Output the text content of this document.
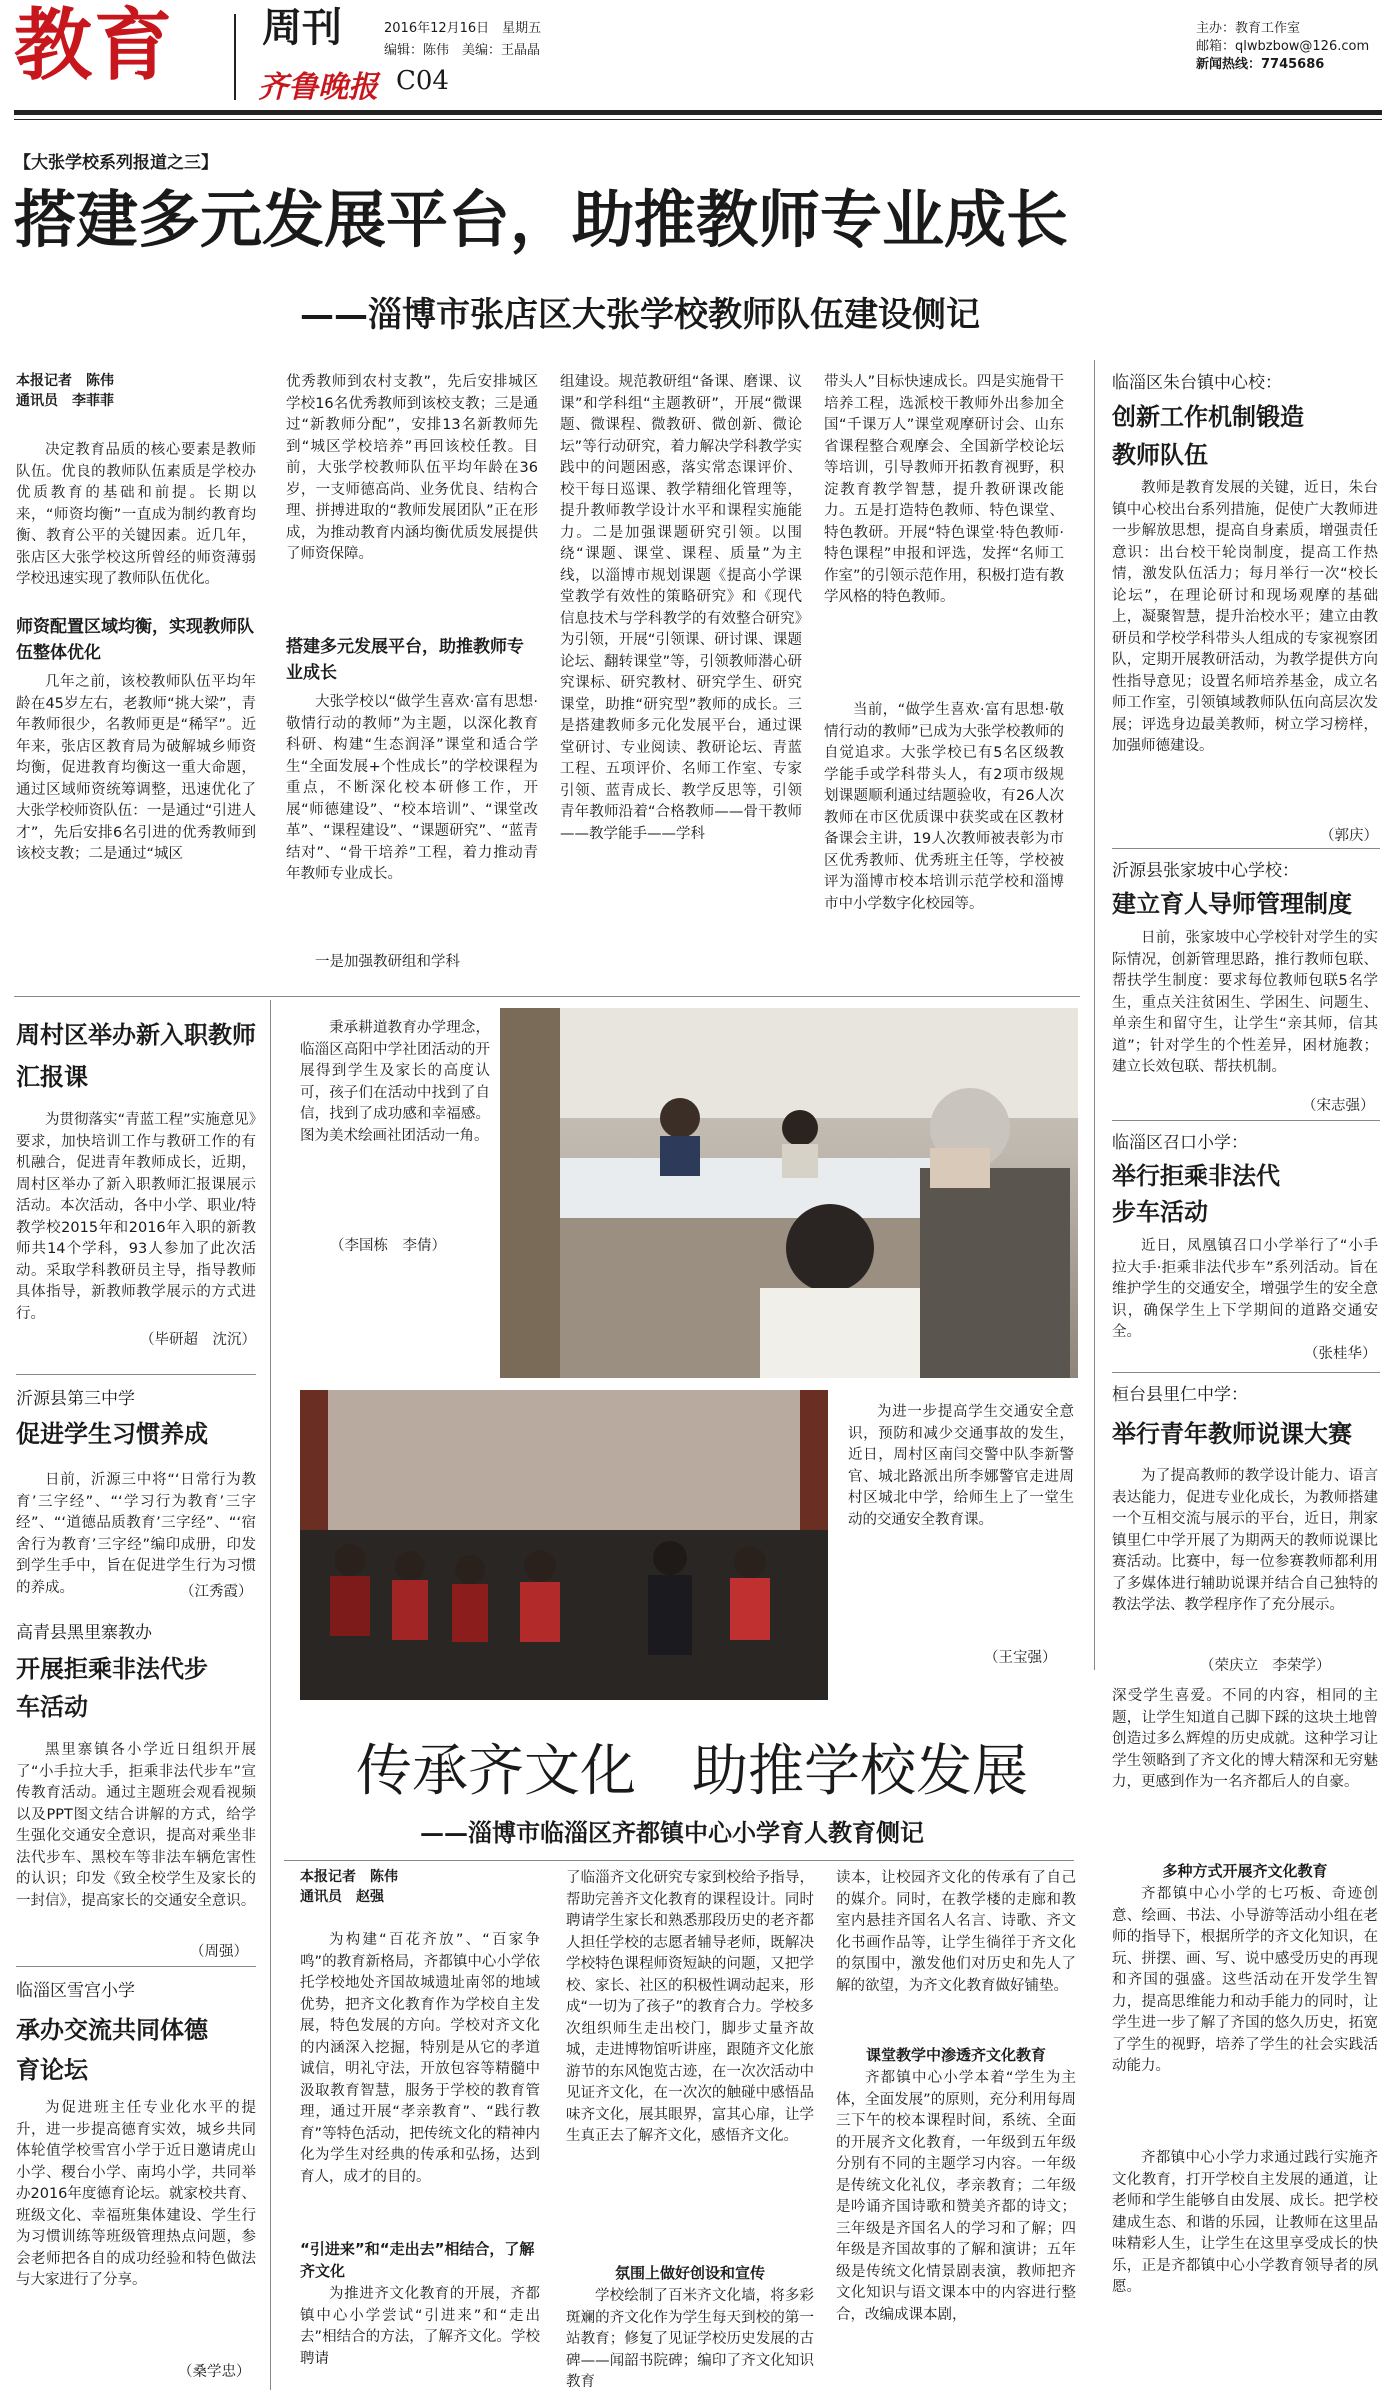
教育 周刊	2016年12月16日　星期五
编辑：陈伟　美编：王晶晶
齐鲁晚报 C04
主办：教育工作室
邮箱：qlwbzbow@126.com
新闻热线：7745686
【大张学校系列报道之三】
搭建多元发展平台，助推教师专业成长
——淄博市张店区大张学校教师队伍建设侧记
本报记者　陈伟
通讯员　李菲菲
决定教育品质的核心要素是教师队伍。优良的教师队伍素质是学校办优质教育的基础和前提。长期以来，“师资均衡”一直成为制约教育均衡、教育公平的关键因素。近几年，张店区大张学校这所曾经的师资薄弱学校迅速实现了教师队伍优化。
师资配置区域均衡，实现教师队伍整体优化
几年之前，该校教师队伍平均年龄在45岁左右，老教师“挑大梁”，青年教师很少，名教师更是“稀罕”。近年来，张店区教育局为破解城乡师资均衡，促进教育均衡这一重大命题，通过区域师资统筹调整，迅速优化了大张学校师资队伍：一是通过“引进人才”，先后安排6名引进的优秀教师到该校支教；二是通过“城区
优秀教师到农村支教”，先后安排城区学校16名优秀教师到该校支教；三是通过“新教师分配”，安排13名新教师先到“城区学校培养”再回该校任教。目前，大张学校教师队伍平均年龄在36岁，一支师德高尚、业务优良、结构合理、拼搏进取的“教师发展团队”正在形成，为推动教育内涵均衡优质发展提供了师资保障。
搭建多元发展平台，助推教师专业成长
大张学校以“做学生喜欢·富有思想·敬情行动的教师”为主题，以深化教育科研、构建“生态润泽”课堂和适合学生“全面发展+个性成长”的学校课程为重点，不断深化校本研修工作，开展“师德建设”、“校本培训”、“课堂改革”、“课程建设”、“课题研究”、“蓝青结对”、“骨干培养”工程，着力推动青年教师专业成长。
一是加强教研组和学科
组建设。规范教研组“备课、磨课、议课”和学科组“主题教研”，开展“微课题、微课程、微教研、微创新、微论坛”等行动研究，着力解决学科教学实践中的问题困惑，落实常态课评价、校干每日巡课、教学精细化管理等，提升教师教学设计水平和课程实施能力。二是加强课题研究引领。以围绕“课题、课堂、课程、质量”为主线，以淄博市规划课题《提高小学课堂教学有效性的策略研究》和《现代信息技术与学科教学的有效整合研究》为引领，开展“引领课、研讨课、课题论坛、翻转课堂”等，引领教师潜心研究课标、研究教材、研究学生、研究课堂，助推“研究型”教师的成长。三是搭建教师多元化发展平台，通过课堂研讨、专业阅读、教研论坛、青蓝工程、五项评价、名师工作室、专家引领、蓝青成长、教学反思等，引领青年教师沿着“合格教师——骨干教师——教学能手——学科
带头人”目标快速成长。四是实施骨干培养工程，选派校干教师外出参加全国“千课万人”课堂观摩研讨会、山东省课程整合观摩会、全国新学校论坛等培训，引导教师开拓教育视野，积淀教育教学智慧，提升教研课改能力。五是打造特色教师、特色课堂、特色教研。开展“特色课堂·特色教师·特色课程”申报和评选，发挥“名师工作室”的引领示范作用，积极打造有教学风格的特色教师。
当前，“做学生喜欢·富有思想·敬情行动的教师”已成为大张学校教师的自觉追求。大张学校已有5名区级教学能手或学科带头人，有2项市级规划课题顺利通过结题验收，有26人次教师在市区优质课中获奖或在区教材备课会主讲，19人次教师被表彰为市区优秀教师、优秀班主任等，学校被评为淄博市校本培训示范学校和淄博市中小学数字化校园等。
临淄区朱台镇中心校：
创新工作机制锻造教师队伍
教师是教育发展的关键，近日，朱台镇中心校出台系列措施，促使广大教师进一步解放思想，提高自身素质，增强责任意识：出台校干轮岗制度，提高工作热情，激发队伍活力；每月举行一次“校长论坛”，在理论研讨和现场观摩的基础上，凝聚智慧，提升治校水平；建立由教研员和学校学科带头人组成的专家视察团队，定期开展教研活动，为教学提供方向性指导意见；设置名师培养基金，成立名师工作室，引领镇域教师队伍向高层次发展；评选身边最美教师，树立学习榜样，加强师德建设。
（郭庆）
沂源县张家坡中心学校：
建立育人导师管理制度
日前，张家坡中心学校针对学生的实际情况，创新管理思路，推行教师包联、帮扶学生制度：要求每位教师包联5名学生，重点关注贫困生、学困生、问题生、单亲生和留守生，让学生“亲其师，信其道”；针对学生的个性差异，困材施教；建立长效包联、帮扶机制。
（宋志强）
临淄区召口小学：
举行拒乘非法代步车活动
近日，凤凰镇召口小学举行了“小手拉大手·拒乘非法代步车”系列活动。旨在维护学生的交通安全，增强学生的安全意识，确保学生上下学期间的道路交通安全。
（张桂华）
桓台县里仁中学：
举行青年教师说课大赛
为了提高教师的教学设计能力、语言表达能力，促进专业化成长，为教师搭建一个互相交流与展示的平台，近日，荆家镇里仁中学开展了为期两天的教师说课比赛活动。比赛中，每一位参赛教师都利用了多媒体进行辅助说课并结合自己独特的教法学法、教学程序作了充分展示。
（荣庆立　李荣学）
周村区举办新入职教师汇报课
为贯彻落实“青蓝工程”实施意见》要求，加快培训工作与教研工作的有机融合，促进青年教师成长，近期，周村区举办了新入职教师汇报课展示活动。本次活动，各中小学、职业/特教学校2015年和2016年入职的新教师共14个学科，93人参加了此次活动。采取学科教研员主导，指导教师具体指导，新教师教学展示的方式进行。
（毕研超　沈沉）
沂源县第三中学
促进学生习惯养成
日前，沂源三中将“‘日常行为教育’三字经”、“‘学习行为教育’三字经”、“‘道德品质教育’三字经”、“‘宿舍行为教育’三字经”编印成册，印发到学生手中，旨在促进学生行为习惯的养成。	（江秀霞）
高青县黑里寨教办
开展拒乘非法代步车活动
黑里寨镇各小学近日组织开展了“小手拉大手，拒乘非法代步车”宣传教育活动。通过主题班会观看视频以及PPT图文结合讲解的方式，给学生强化交通安全意识，提高对乘坐非法代步车、黑校车等非法车辆危害性的认识；印发《致全校学生及家长的一封信》，提高家长的交通安全意识。
（周强）
临淄区雪宫小学
承办交流共同体德育论坛
为促进班主任专业化水平的提升，进一步提高德育实效，城乡共同体轮值学校雪宫小学于近日邀请虎山小学、稷台小学、南坞小学，共同举办2016年度德育论坛。就家校共育、班级文化、幸福班集体建设、学生行为习惯训练等班级管理热点问题，参会老师把各自的成功经验和特色做法与大家进行了分享。
（桑学忠）
秉承耕道教育办学理念，临淄区高阳中学社团活动的开展得到学生及家长的高度认可，孩子们在活动中找到了自信，找到了成功感和幸福感。图为美术绘画社团活动一角。
（李国栋　李倩）
为进一步提高学生交通安全意识，预防和减少交通事故的发生，近日，周村区南闫交警中队李新警官、城北路派出所李娜警官走进周村区城北中学，给师生上了一堂生动的交通安全教育课。
（王宝强）
传承齐文化　助推学校发展
——淄博市临淄区齐都镇中心小学育人教育侧记
本报记者　陈伟
通讯员　赵强
为构建“百花齐放”、“百家争鸣”的教育新格局，齐都镇中心小学依托学校地处齐国故城遗址南邻的地域优势，把齐文化教育作为学校自主发展，特色发展的方向。学校对齐文化的内涵深入挖掘，特别是从它的孝道诚信，明礼守法，开放包容等精髓中汲取教育智慧，服务于学校的教育管理，通过开展“孝亲教育”、“践行教育”等特色活动，把传统文化的精神内化为学生对经典的传承和弘扬，达到育人，成才的目的。
“引进来”和“走出去”相结合，了解齐文化
为推进齐文化教育的开展，齐都镇中心小学尝试“引进来”和“走出去”相结合的方法，了解齐文化。学校聘请
了临淄齐文化研究专家到校给予指导，帮助完善齐文化教育的课程设计。同时聘请学生家长和熟悉那段历史的老齐都人担任学校的志愿者辅导老师，既解决学校特色课程师资短缺的问题，又把学校、家长、社区的积极性调动起来，形成“一切为了孩子”的教育合力。学校多次组织师生走出校门，脚步丈量齐故城，走进博物馆听讲座，跟随齐文化旅游节的东风饱览古迹，在一次次活动中见证齐文化，在一次次的触碰中感悟品味齐文化，展其眼界，富其心扉，让学生真正去了解齐文化，感悟齐文化。
氛围上做好创设和宣传
学校绘制了百米齐文化墙，将多彩斑斓的齐文化作为学生每天到校的第一站教育；修复了见证学校历史发展的古碑——闻韶书院碑；编印了齐文化知识教育
读本，让校园齐文化的传承有了自己的媒介。同时，在教学楼的走廊和教室内悬挂齐国名人名言、诗歌、齐文化书画作品等，让学生徜徉于齐文化的氛围中，激发他们对历史和先人了解的欲望，为齐文化教育做好铺垫。
课堂教学中渗透齐文化教育
齐都镇中心小学本着“学生为主体，全面发展”的原则，充分利用每周三下午的校本课程时间，系统、全面的开展齐文化教育，一年级到五年级分别有不同的主题学习内容。一年级是传统文化礼仪，孝亲教育；二年级是吟诵齐国诗歌和赞美齐都的诗文；三年级是齐国名人的学习和了解；四年级是齐国故事的了解和演讲；五年级是传统文化情景剧表演，教师把齐文化知识与语文课本中的内容进行整合，改编成课本剧，
深受学生喜爱。不同的内容，相同的主题，让学生知道自己脚下踩的这块土地曾创造过多么辉煌的历史成就。这种学习让学生领略到了齐文化的博大精深和无穷魅力，更感到作为一名齐都后人的自豪。
多种方式开展齐文化教育
齐都镇中心小学的七巧板、奇迹创意、绘画、书法、小导游等活动小组在老师的指导下，根据所学的齐文化知识，在玩、拼摆、画、写、说中感受历史的再现和齐国的强盛。这些活动在开发学生智力，提高思维能力和动手能力的同时，让学生进一步了解了齐国的悠久历史，拓宽了学生的视野，培养了学生的社会实践活动能力。
齐都镇中心小学力求通过践行实施齐文化教育，打开学校自主发展的通道，让老师和学生能够自由发展、成长。把学校建成生态、和谐的乐园，让教师在这里品味精彩人生，让学生在这里享受成长的快乐，正是齐都镇中心小学教育领导者的夙愿。
